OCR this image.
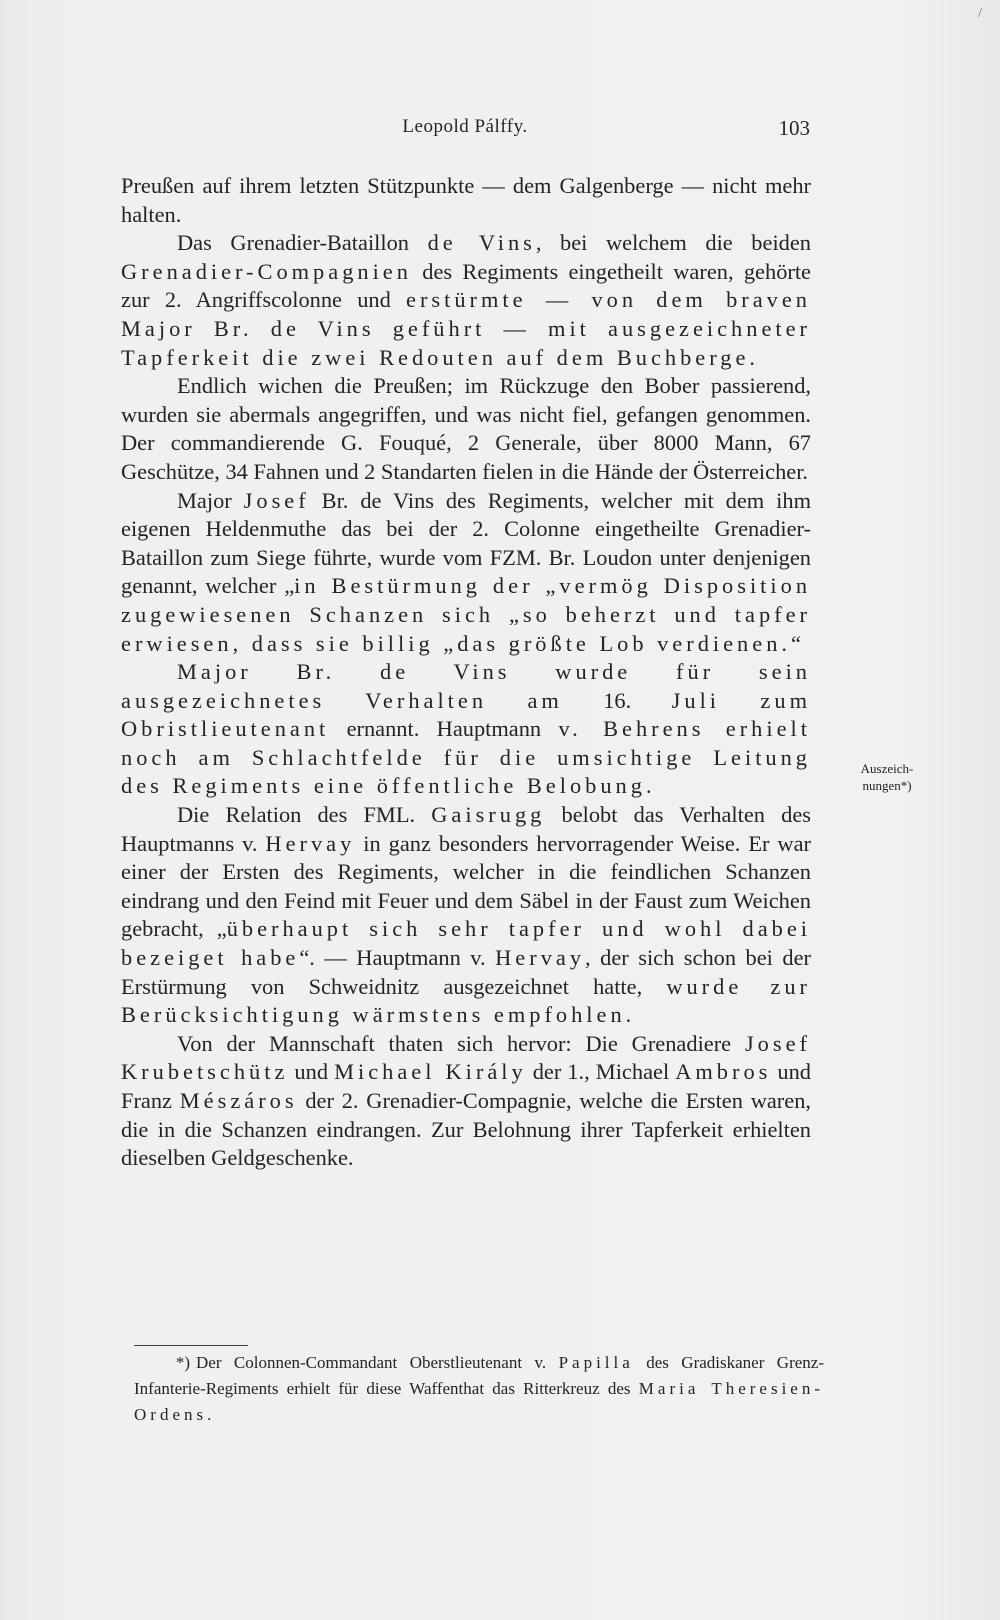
/
Leopold Pálffy.	103

Preußen auf ihrem letzten Stützpunkte — dem Galgenberge — nicht mehr halten.

Das Grenadier-Bataillon de Vins, bei welchem die beiden Grenadier-Compagnien des Regiments eingetheilt waren, gehörte zur 2. Angriffscolonne und erstürmte — von dem braven Major Br. de Vins geführt — mit ausgezeichneter Tapferkeit die zwei Redouten auf dem Buchberge.

Endlich wichen die Preußen; im Rückzuge den Bober passierend, wurden sie abermals angegriffen, und was nicht fiel, gefangen genommen. Der commandierende G. Fouqué, 2 Generale, über 8000 Mann, 67 Geschütze, 34 Fahnen und 2 Standarten fielen in die Hände der Österreicher.

Major Josef Br. de Vins des Regiments, welcher mit dem ihm eigenen Heldenmuthe das bei der 2. Colonne eingetheilte Grenadier-Bataillon zum Siege führte, wurde vom FZM. Br. Loudon unter denjenigen genannt, welcher „in Bestürmung der „vermög Disposition zugewiesenen Schanzen sich „so beherzt und tapfer erwiesen, dass sie billig „das größte Lob verdienen.“

Major Br. de Vins wurde für sein ausgezeichnetes Verhalten am 16. Juli zum Obristlieutenant ernannt. Hauptmann v. Behrens erhielt noch am Schlachtfelde für die umsichtige Leitung des Regiments eine öffentliche Belobung.

Die Relation des FML. Gaisrugg belobt das Verhalten des Hauptmanns v. Hervay in ganz besonders hervorragender Weise. Er war einer der Ersten des Regiments, welcher in die feindlichen Schanzen eindrang und den Feind mit Feuer und dem Säbel in der Faust zum Weichen gebracht, „überhaupt sich sehr tapfer und wohl dabei bezeiget habe“. — Hauptmann v. Hervay, der sich schon bei der Erstürmung von Schweidnitz ausgezeichnet hatte, wurde zur Berücksichtigung wärmstens empfohlen.

Von der Mannschaft thaten sich hervor: Die Grenadiere Josef Krubetschütz und Michael Király der 1., Michael Ambros und Franz Mészáros der 2. Grenadier-Compagnie, welche die Ersten waren, die in die Schanzen eindrangen. Zur Belohnung ihrer Tapferkeit erhielten dieselben Geldgeschenke.

Auszeich-
nungen*)
*) Der Colonnen-Commandant Oberstlieutenant v. Papilla des Gradiskaner Grenz-Infanterie-Regiments erhielt für diese Waffenthat das Ritterkreuz des Maria Theresien-Ordens.
